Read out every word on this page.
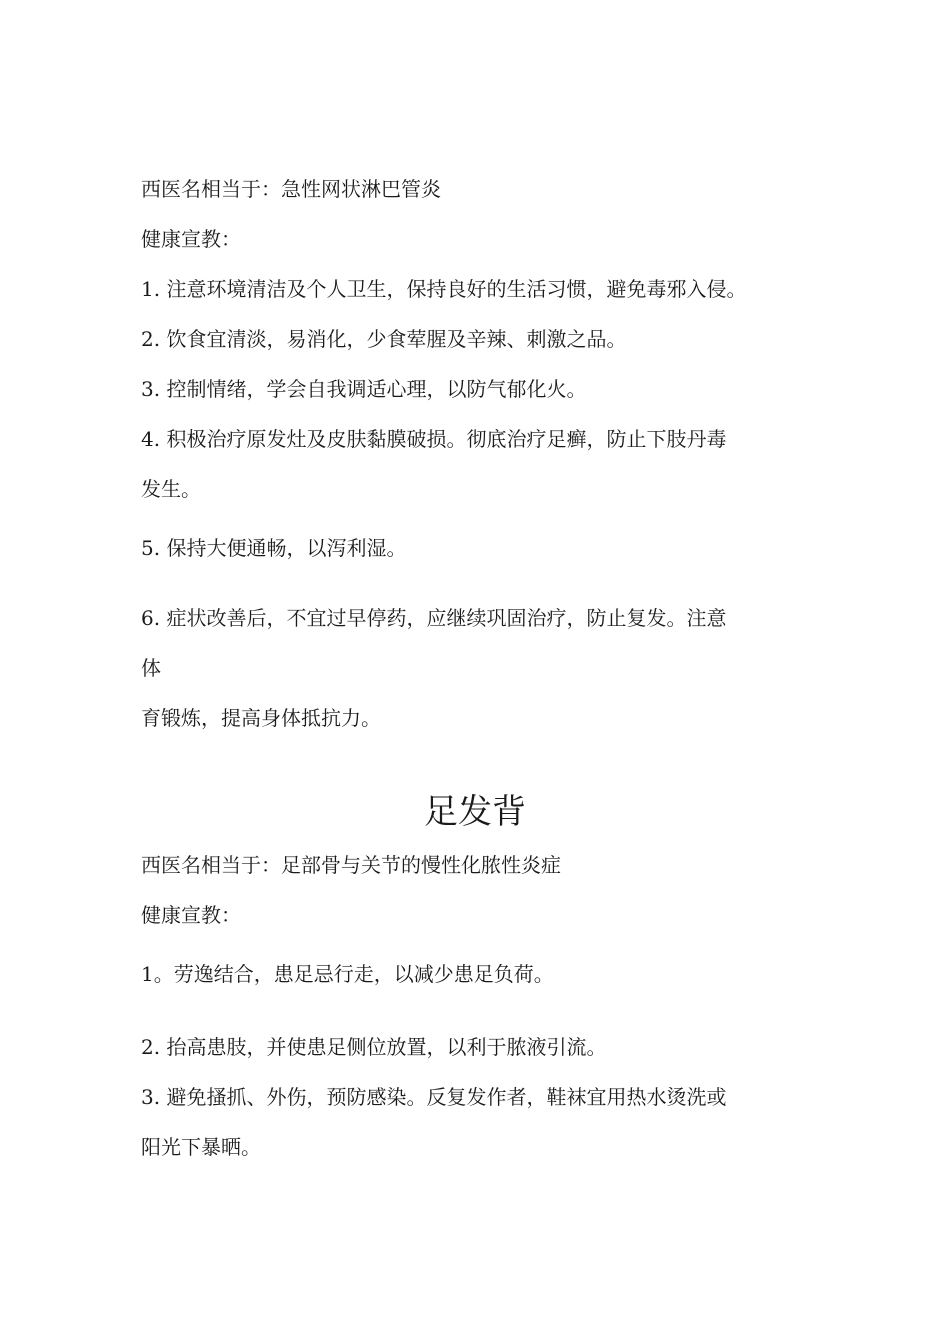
西医名相当于：急性网状淋巴管炎

健康宣教：

1. 注意环境清洁及个人卫生，保持良好的生活习惯，避免毒邪入侵。

2. 饮食宜清淡，易消化，少食荤腥及辛辣、刺激之品。

3. 控制情绪，学会自我调适心理，以防气郁化火。

4. 积极治疗原发灶及皮肤黏膜破损。彻底治疗足癣，防止下肢丹毒

发生。

5. 保持大便通畅，以泻利湿。

6. 症状改善后，不宜过早停药，应继续巩固治疗，防止复发。注意

体

育锻炼，提高身体抵抗力。

足发背

西医名相当于：足部骨与关节的慢性化脓性炎症

健康宣教：

1。劳逸结合，患足忌行走，以减少患足负荷。

2. 抬高患肢，并使患足侧位放置，以利于脓液引流。

3. 避免搔抓、外伤，预防感染。反复发作者，鞋袜宜用热水烫洗或

阳光下暴晒。
